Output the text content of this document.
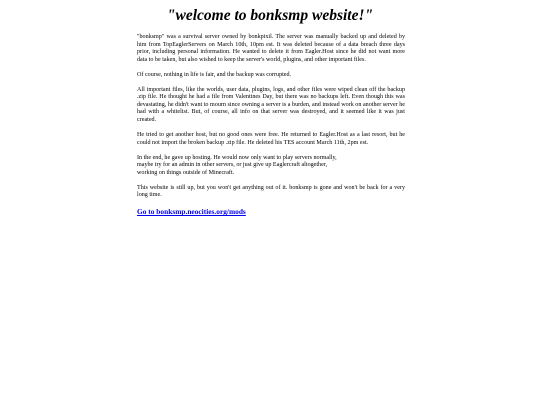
"welcome to bonksmp website!"

"bonksmp" was a survival server owned by bonkpixil. The server was manually backed up and deleted by him from TopEaglerServers on March 10th, 10pm est. It was deleted because of a data breach three days prior, including personal information. He wanted to delete it from Eagler.Host since he did not want more data to be taken, but also wished to keep the server's world, plugins, and other important files.

Of course, nothing in life is fair, and the backup was corrupted.

All important files, like the worlds, user data, plugins, logs, and other files were wiped clean off the backup .zip file. He thought he had a file from Valentines Day, but there was no backups left. Even though this was devastating, he didn't want to mourn since owning a server is a burden, and instead work on another server he had with a whitelist. But, of course, all info on that server was destroyed, and it seemed like it was just created.

He tried to get another host, but no good ones were free. He returned to Eagler.Host as a last resort, but he could not import the broken backup .zip file. He deleted his TES account March 11th, 2pm est.

In the end, he gave up hosting. He would now only want to play servers normally,
maybe try for an admin in other servers, or just give up Eaglercraft altogether,
working on things outside of Minecraft.

This website is still up, but you won't get anything out of it. bonksmp is gone and won't be back for a very long time.

Go to bonksmp.neocities.org/mods
